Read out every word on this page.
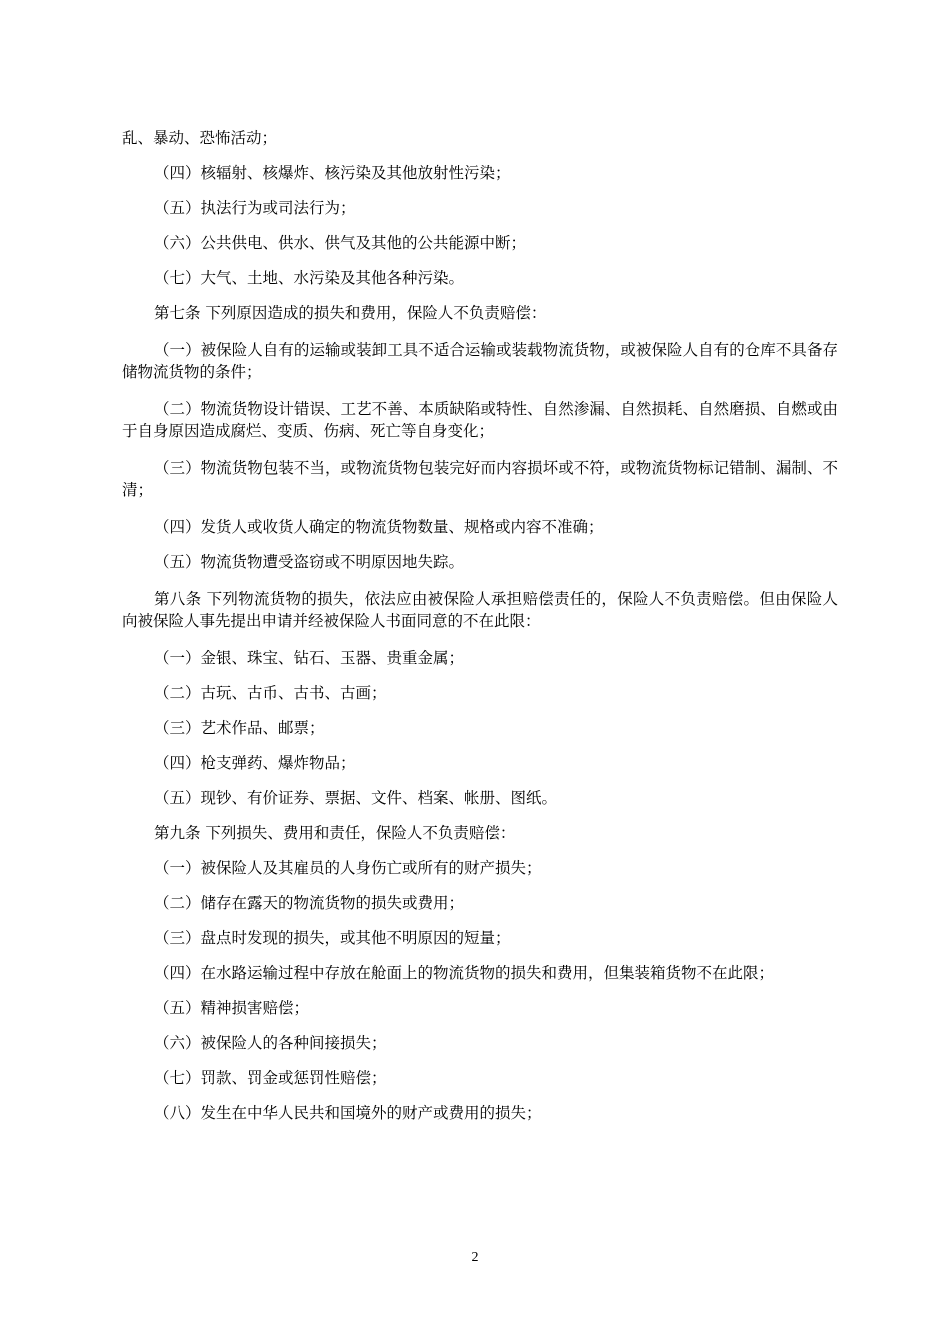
乱、暴动、恐怖活动；

（四）核辐射、核爆炸、核污染及其他放射性污染；

（五）执法行为或司法行为；

（六）公共供电、供水、供气及其他的公共能源中断；

（七）大气、土地、水污染及其他各种污染。

第七条 下列原因造成的损失和费用，保险人不负责赔偿：

（一）被保险人自有的运输或装卸工具不适合运输或装载物流货物，或被保险人自有的仓库不具备存储物流货物的条件；

（二）物流货物设计错误、工艺不善、本质缺陷或特性、自然渗漏、自然损耗、自然磨损、自燃或由于自身原因造成腐烂、变质、伤病、死亡等自身变化；

（三）物流货物包装不当，或物流货物包装完好而内容损坏或不符，或物流货物标记错制、漏制、不清；

（四）发货人或收货人确定的物流货物数量、规格或内容不准确；

（五）物流货物遭受盗窃或不明原因地失踪。

第八条 下列物流货物的损失，依法应由被保险人承担赔偿责任的，保险人不负责赔偿。但由保险人向被保险人事先提出申请并经被保险人书面同意的不在此限：

（一）金银、珠宝、钻石、玉器、贵重金属；

（二）古玩、古币、古书、古画；

（三）艺术作品、邮票；

（四）枪支弹药、爆炸物品；

（五）现钞、有价证券、票据、文件、档案、帐册、图纸。

第九条 下列损失、费用和责任，保险人不负责赔偿：

（一）被保险人及其雇员的人身伤亡或所有的财产损失；

（二）储存在露天的物流货物的损失或费用；

（三）盘点时发现的损失，或其他不明原因的短量；

（四）在水路运输过程中存放在舱面上的物流货物的损失和费用，但集装箱货物不在此限；

（五）精神损害赔偿；

（六）被保险人的各种间接损失；

（七）罚款、罚金或惩罚性赔偿；

（八）发生在中华人民共和国境外的财产或费用的损失；

2
